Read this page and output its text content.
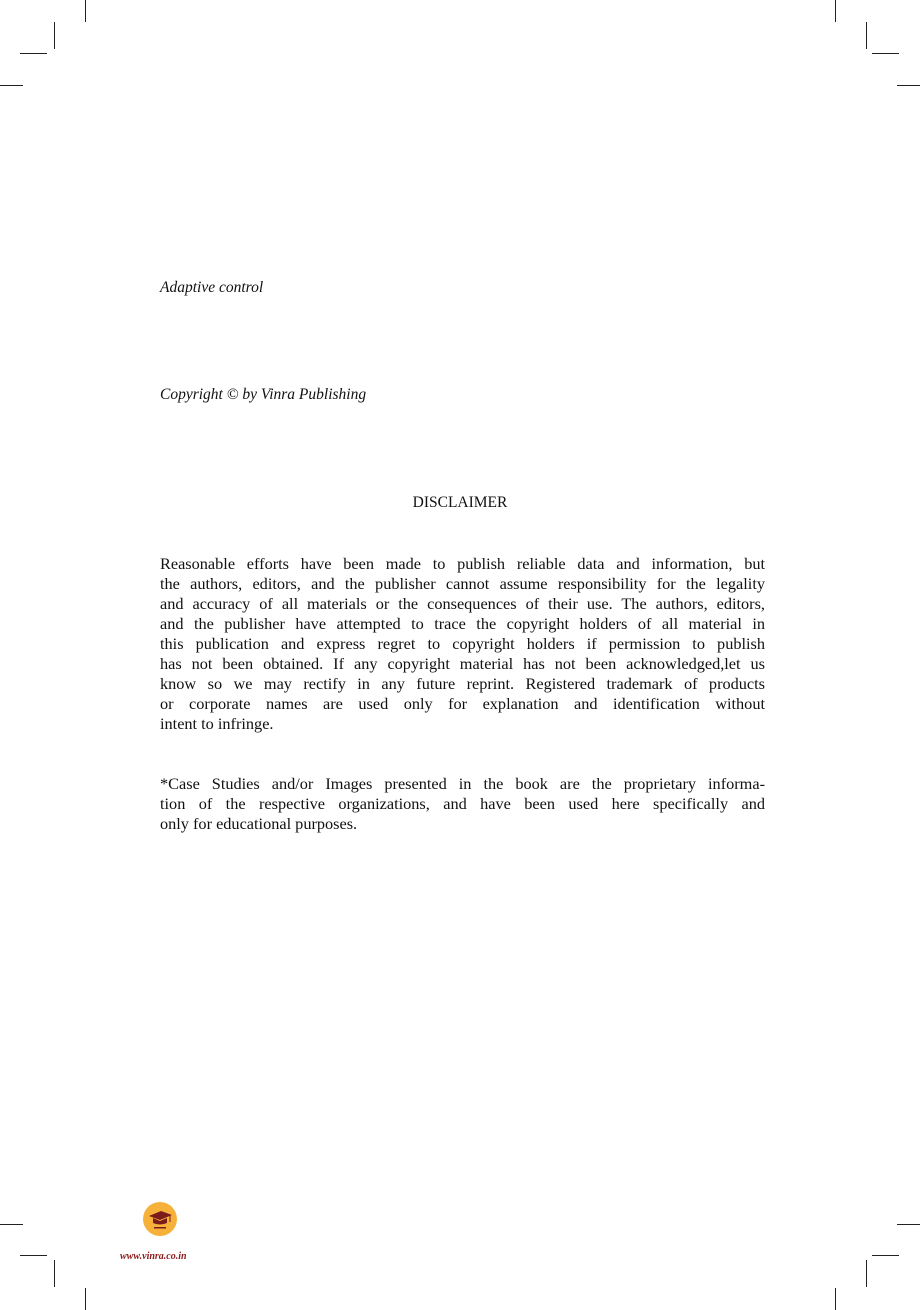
Adaptive control
Copyright © by Vinra Publishing
DISCLAIMER
Reasonable efforts have been made to publish reliable data and information, but
the authors, editors, and the publisher cannot assume responsibility for the legality
and accuracy of all materials or the consequences of their use. The authors, editors,
and the publisher have attempted to trace the copyright holders of all material in
this publication and express regret to copyright holders if permission to publish
has not been obtained. If any copyright material has not been acknowledged,let us
know so we may rectify in any future reprint. Registered trademark of products
or corporate names are used only for explanation and identification without
intent to infringe.
*Case Studies and/or Images presented in the book are the proprietary informa-
tion of the respective organizations, and have been used here specifically and
only for educational purposes.
www.vinra.co.in
